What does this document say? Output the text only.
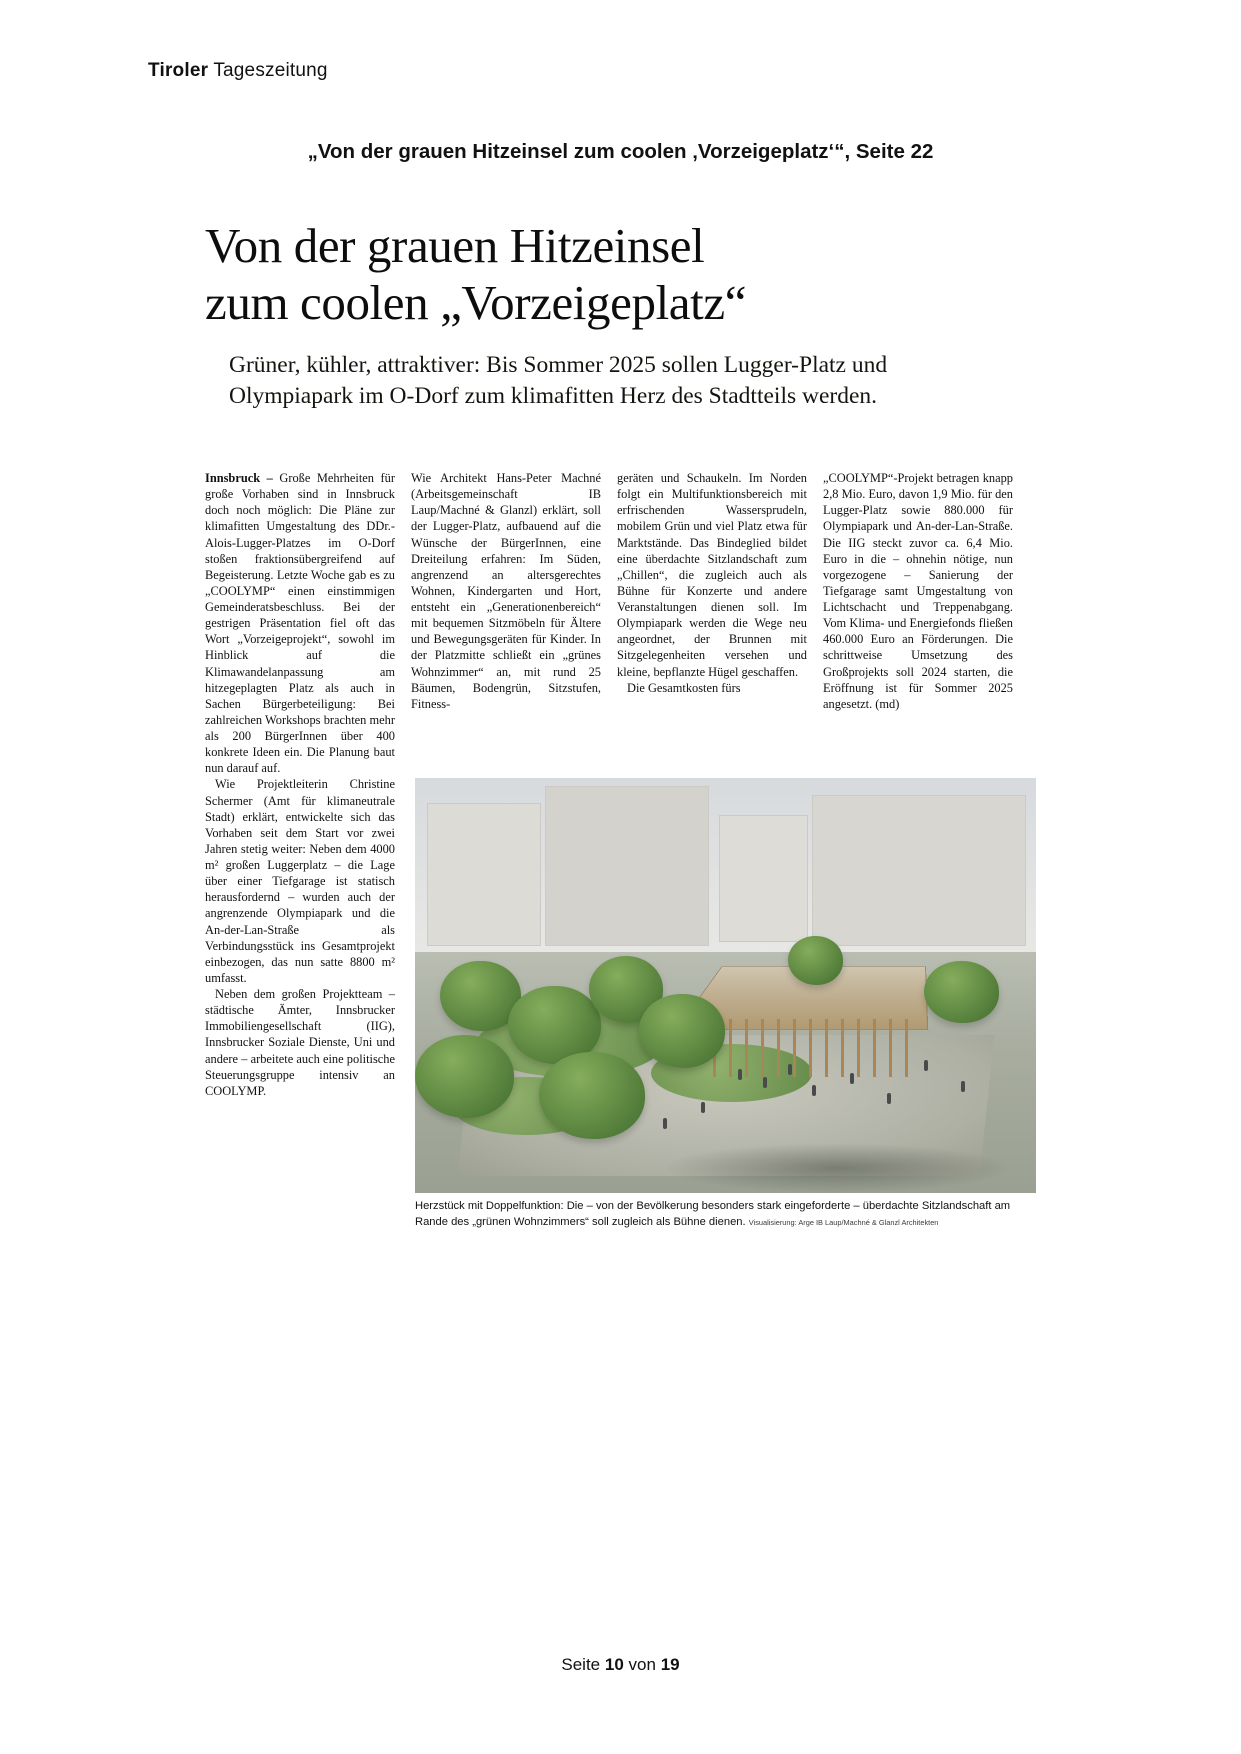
Tiroler Tageszeitung
„Von der grauen Hitzeinsel zum coolen ‚Vorzeigeplatz‘“, Seite 22
Von der grauen Hitzeinsel
zum coolen „Vorzeigeplatz“
Grüner, kühler, attraktiver: Bis Sommer 2025 sollen Lugger-Platz und
Olympiapark im O-Dorf zum klimafitten Herz des Stadtteils werden.

Innsbruck – Große Mehrheiten für große Vorhaben sind in Innsbruck doch noch möglich: Die Pläne zur klimafitten Umgestaltung des DDr.-Alois-Lugger-Platzes im O-Dorf stoßen fraktionsübergreifend auf Begeisterung. Letzte Woche gab es zu „COOLYMP“ einen einstimmigen Gemeinderatsbeschluss. Bei der gestrigen Präsentation fiel oft das Wort „Vorzeigeprojekt“, sowohl im Hinblick auf die Klimawandelanpassung am hitzegeplagten Platz als auch in Sachen Bürgerbeteiligung: Bei zahlreichen Workshops brachten mehr als 200 BürgerInnen über 400 konkrete Ideen ein. Die Planung baut nun darauf auf.

Wie Projektleiterin Christine Schermer (Amt für klimaneutrale Stadt) erklärt, entwickelte sich das Vorhaben seit dem Start vor zwei Jahren stetig weiter: Neben dem 4000 m² großen Luggerplatz – die Lage über einer Tiefgarage ist statisch herausfordernd – wurden auch der angrenzende Olympiapark und die An-der-Lan-Straße als Verbindungsstück ins Gesamtprojekt einbezogen, das nun satte 8800 m² umfasst.

Neben dem großen Projektteam – städtische Ämter, Innsbrucker Immobiliengesellschaft (IIG), Innsbrucker Soziale Dienste, Uni und andere – arbeitete auch eine politische Steuerungsgruppe intensiv an COOLYMP.

Wie Architekt Hans-Peter Machné (Arbeitsgemeinschaft IB Laup/Machné & Glanzl) erklärt, soll der Lugger-Platz, aufbauend auf die Wünsche der BürgerInnen, eine Dreiteilung erfahren: Im Süden, angrenzend an altersgerechtes Wohnen, Kindergarten und Hort, entsteht ein „Generationenbereich“ mit bequemen Sitzmöbeln für Ältere und Bewegungsgeräten für Kinder. In der Platzmitte schließt ein „grünes Wohnzimmer“ an, mit rund 25 Bäumen, Bodengrün, Sitzstufen, Fitness-

geräten und Schaukeln. Im Norden folgt ein Multifunktionsbereich mit erfrischenden Wassersprudeln, mobilem Grün und viel Platz etwa für Marktstände. Das Bindeglied bildet eine überdachte Sitzlandschaft zum „Chillen“, die zugleich auch als Bühne für Konzerte und andere Veranstaltungen dienen soll. Im Olympiapark werden die Wege neu angeordnet, der Brunnen mit Sitzgelegenheiten versehen und kleine, bepflanzte Hügel geschaffen.

Die Gesamtkosten fürs

„COOLYMP“-Projekt betragen knapp 2,8 Mio. Euro, davon 1,9 Mio. für den Lugger-Platz sowie 880.000 für Olympiapark und An-der-Lan-Straße. Die IIG steckt zuvor ca. 6,4 Mio. Euro in die – ohnehin nötige, nun vorgezogene – Sanierung der Tiefgarage samt Umgestaltung von Lichtschacht und Treppenabgang. Vom Klima- und Energiefonds fließen 460.000 Euro an Förderungen. Die schrittweise Umsetzung des Großprojekts soll 2024 starten, die Eröffnung ist für Sommer 2025 angesetzt. (md)

Herzstück mit Doppelfunktion: Die – von der Bevölkerung besonders stark eingeforderte – überdachte Sitzlandschaft am Rande des „grünen Wohnzimmers“ soll zugleich als Bühne dienen. Visualisierung: Arge IB Laup/Machné & Glanzl Architekten
Seite 10 von 19
